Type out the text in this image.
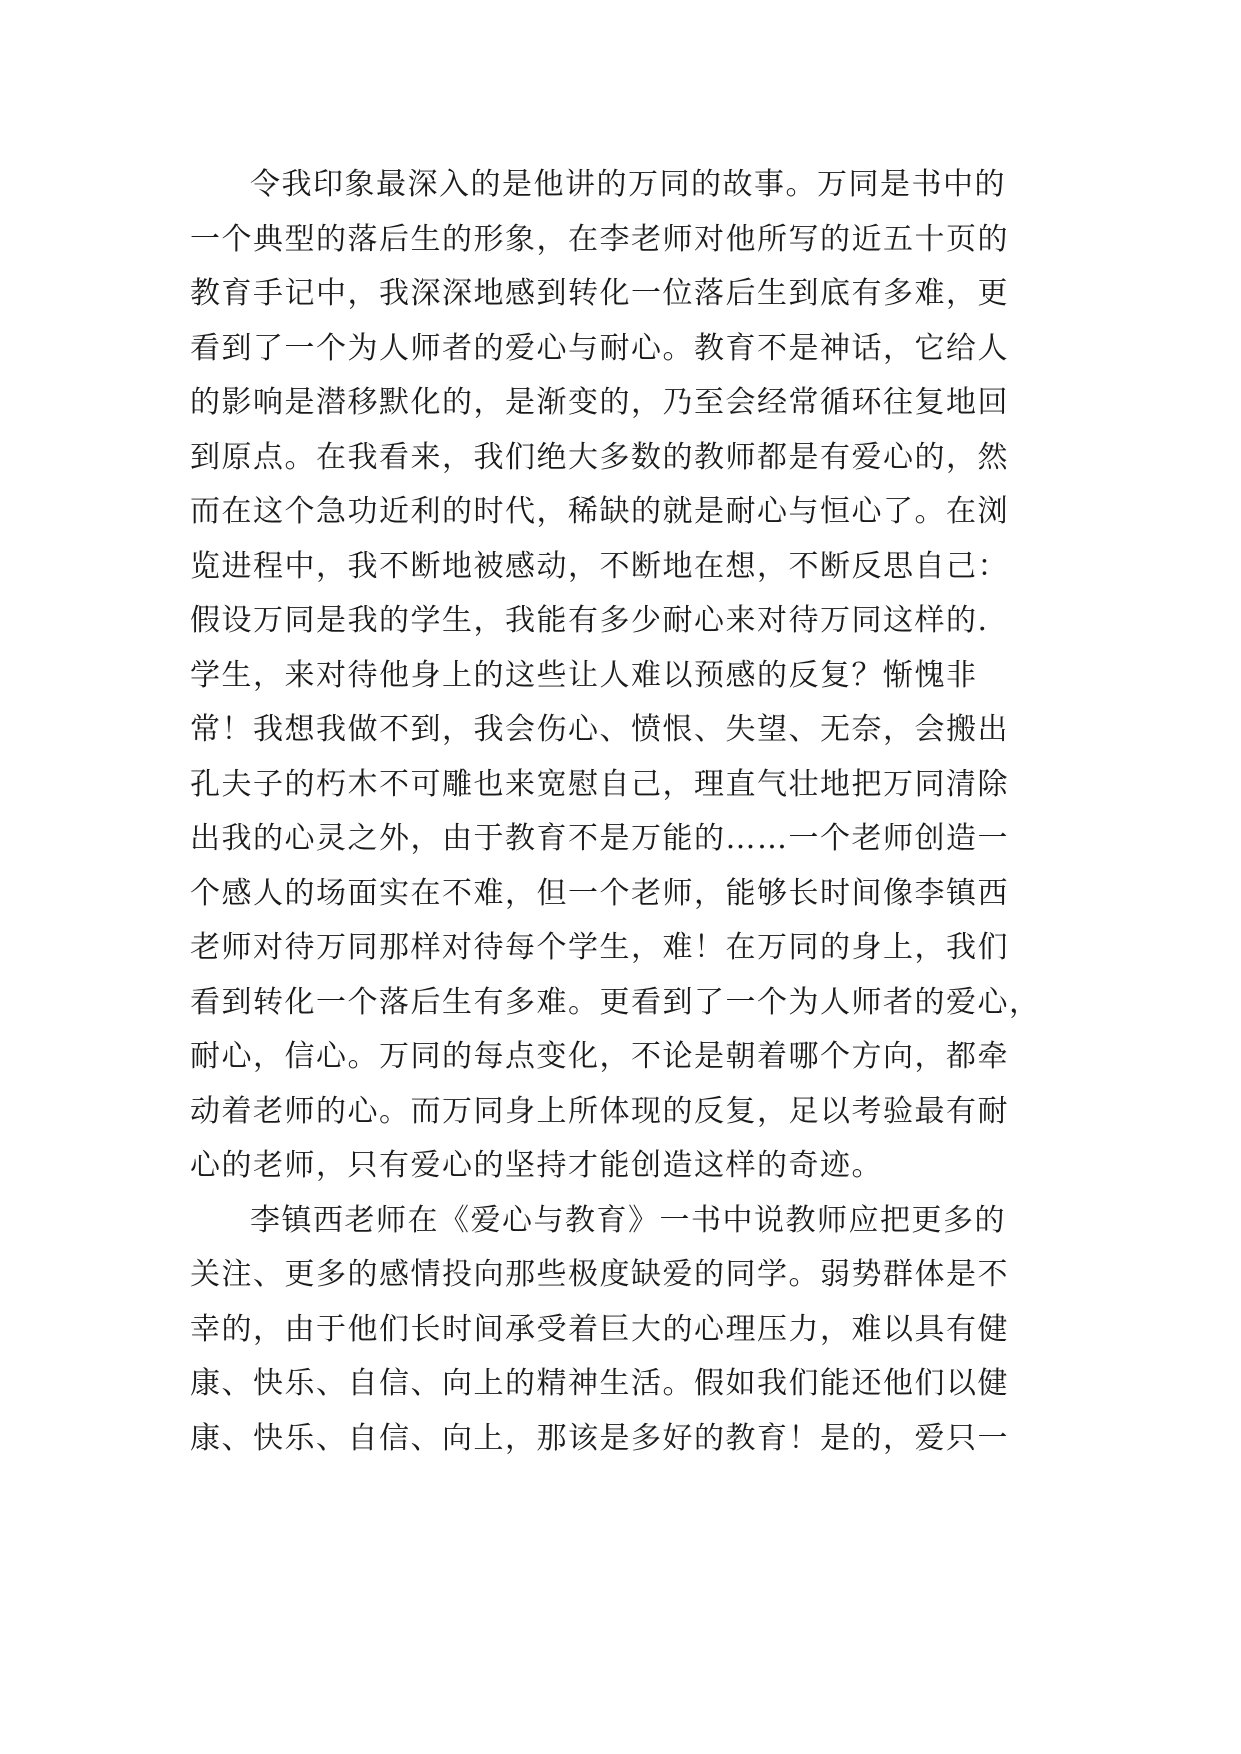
令我印象最深入的是他讲的万同的故事。万同是书中的
一个典型的落后生的形象，在李老师对他所写的近五十页的
教育手记中，我深深地感到转化一位落后生到底有多难，更
看到了一个为人师者的爱心与耐心。教育不是神话，它给人
的影响是潜移默化的，是渐变的，乃至会经常循环往复地回
到原点。在我看来，我们绝大多数的教师都是有爱心的，然
而在这个急功近利的时代，稀缺的就是耐心与恒心了。在浏
览进程中，我不断地被感动，不断地在想，不断反思自己：
假设万同是我的学生，我能有多少耐心来对待万同这样的.
学生，来对待他身上的这些让人难以预感的反复？惭愧非
常！我想我做不到，我会伤心、愤恨、失望、无奈，会搬出
孔夫子的朽木不可雕也来宽慰自己，理直气壮地把万同清除
出我的心灵之外，由于教育不是万能的……一个老师创造一
个感人的场面实在不难，但一个老师，能够长时间像李镇西
老师对待万同那样对待每个学生，难！在万同的身上，我们
看到转化一个落后生有多难。更看到了一个为人师者的爱心，
耐心，信心。万同的每点变化，不论是朝着哪个方向，都牵
动着老师的心。而万同身上所体现的反复，足以考验最有耐
心的老师，只有爱心的坚持才能创造这样的奇迹。
李镇西老师在《爱心与教育》一书中说教师应把更多的
关注、更多的感情投向那些极度缺爱的同学。弱势群体是不
幸的，由于他们长时间承受着巨大的心理压力，难以具有健
康、快乐、自信、向上的精神生活。假如我们能还他们以健
康、快乐、自信、向上，那该是多好的教育！是的，爱只一
